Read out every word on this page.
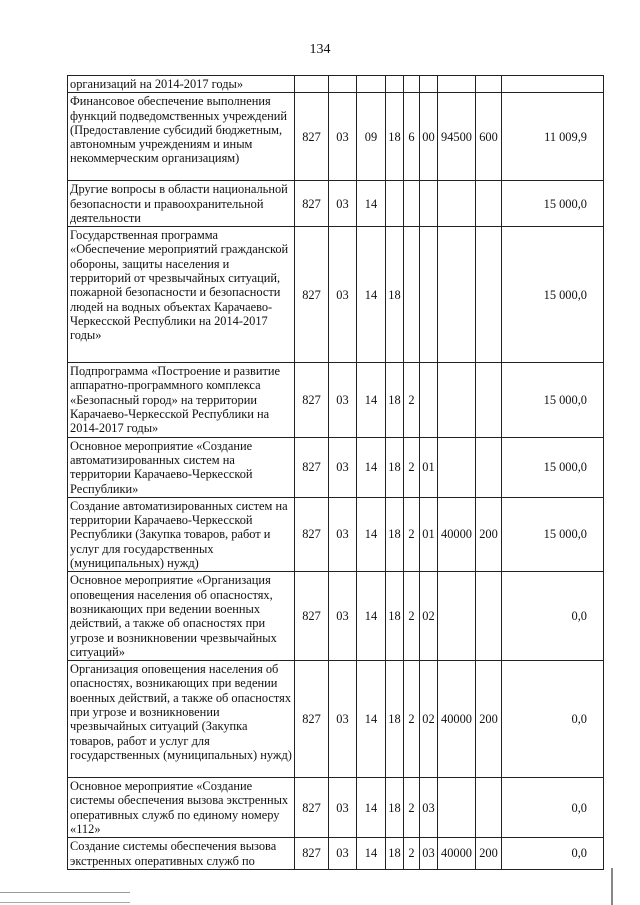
134
организаций на 2014-2017 годы»									
Финансовое обеспечение выполнения функций подведомственных учреждений (Предоставление субсидий бюджетным, автономным учреждениям и иным некоммерческим организациям)	827	03	09	18	6	00	94500	600	11 009,9
Другие вопросы в области национальной безопасности и правоохранительной деятельности	827	03	14						15 000,0
Государственная программа «Обеспечение мероприятий гражданской обороны, защиты населения и территорий от чрезвычайных ситуаций, пожарной безопасности и безопасности людей на водных объектах Карачаево-Черкесской Республики на 2014-2017 годы»	827	03	14	18					15 000,0
Подпрограмма «Построение и развитие аппаратно-программного комплекса «Безопасный город» на территории Карачаево-Черкесской Республики на 2014-2017 годы»	827	03	14	18	2				15 000,0
Основное мероприятие «Создание автоматизированных систем на территории Карачаево-Черкесской Республики»	827	03	14	18	2	01			15 000,0
Создание автоматизированных систем на территории Карачаево-Черкесской Республики (Закупка товаров, работ и услуг для государственных (муниципальных) нужд)	827	03	14	18	2	01	40000	200	15 000,0
Основное мероприятие «Организация оповещения населения об опасностях, возникающих при ведении военных действий, а также об опасностях при угрозе и возникновении чрезвычайных ситуаций»	827	03	14	18	2	02			0,0
Организация оповещения населения об опасностях, возникающих при ведении военных действий, а также об опасностях при угрозе и возникновении чрезвычайных ситуаций (Закупка товаров, работ и услуг для государственных (муниципальных) нужд)	827	03	14	18	2	02	40000	200	0,0
Основное мероприятие «Создание системы обеспечения вызова экстренных оперативных служб по единому номеру «112»	827	03	14	18	2	03			0,0
Создание системы обеспечения вызова экстренных оперативных служб по	827	03	14	18	2	03	40000	200	0,0
